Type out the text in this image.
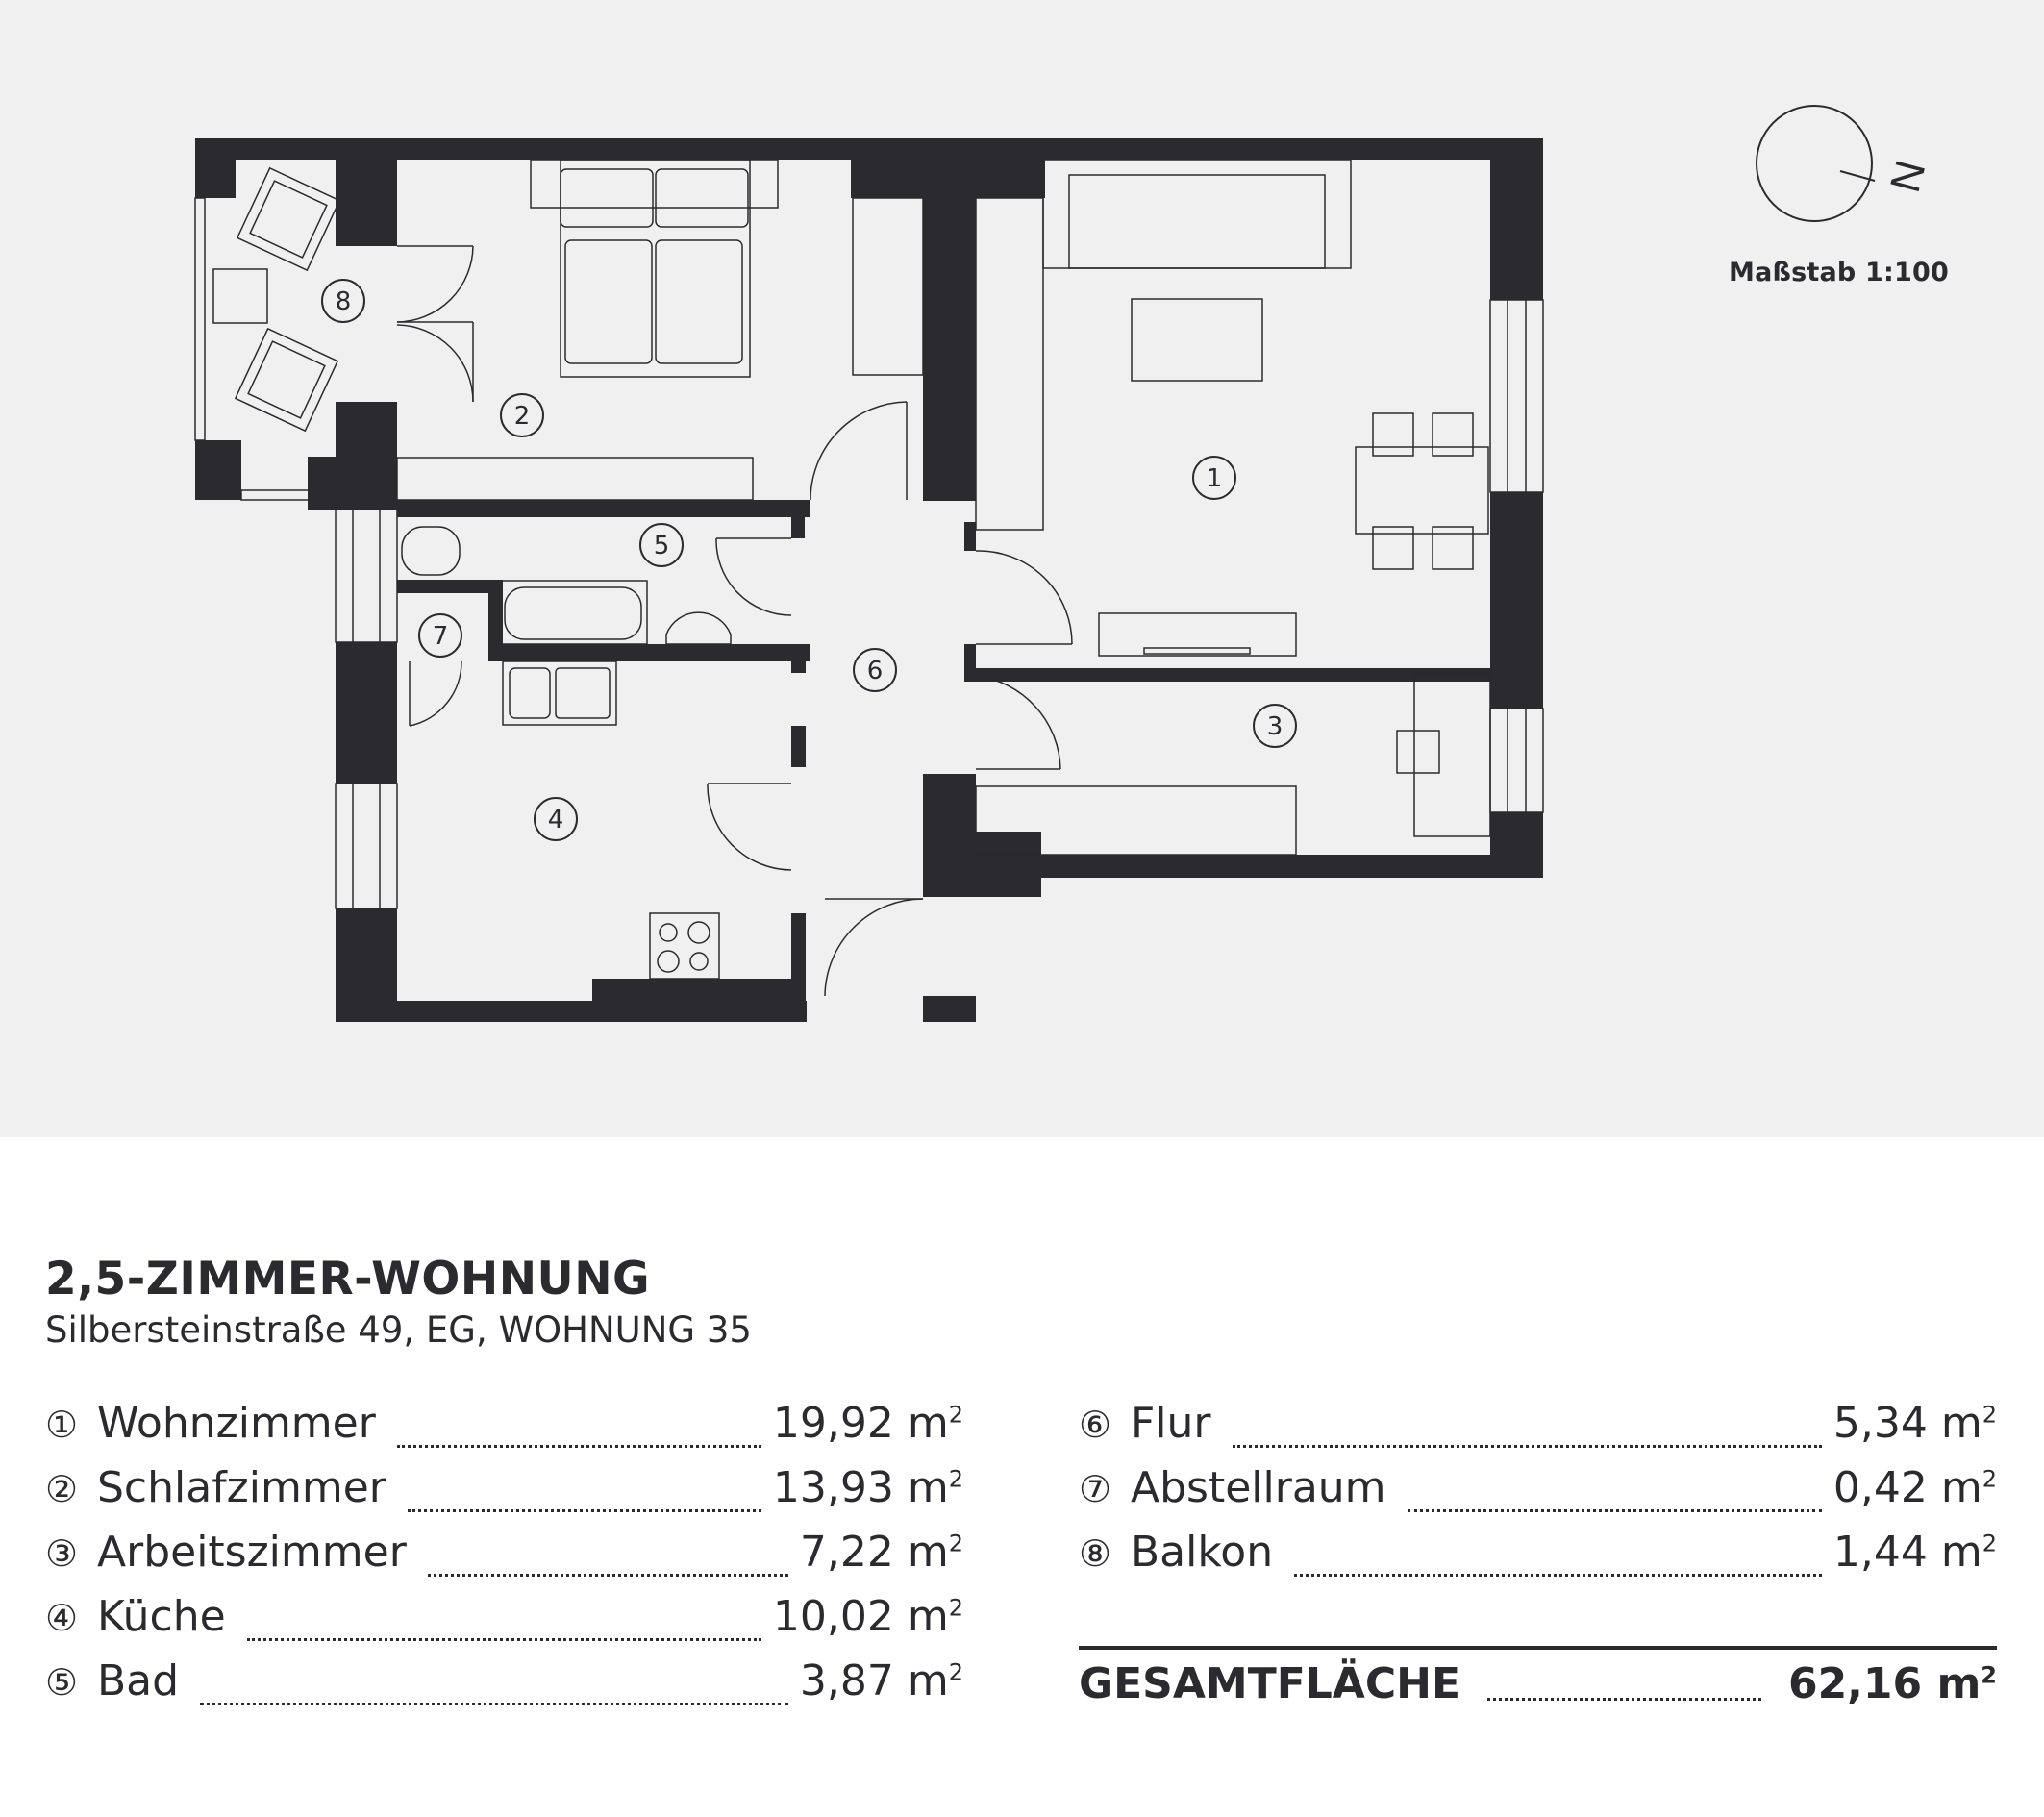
1
2
3
4
5
6
7
8
N
Maßstab 1:100
2,5-ZIMMER-WOHNUNG
Silbersteinstraße 49, EG, WOHNUNG 35
① Wohnzimmer	19,92 $m^2$
② Schlafzimmer	13,93 $m^2$
③ Arbeitszimmer	7,22 $m^2$
④ Küche	10,02 $m^2$
⑤ Bad	3,87 $m^2$
⑥ Flur	5,34 $m^2$
⑦ Abstellraum	0,42 $m^2$
⑧ Balkon	1,44 $m^2$
GESAMTFLÄCHE	62,16 $m^2$
